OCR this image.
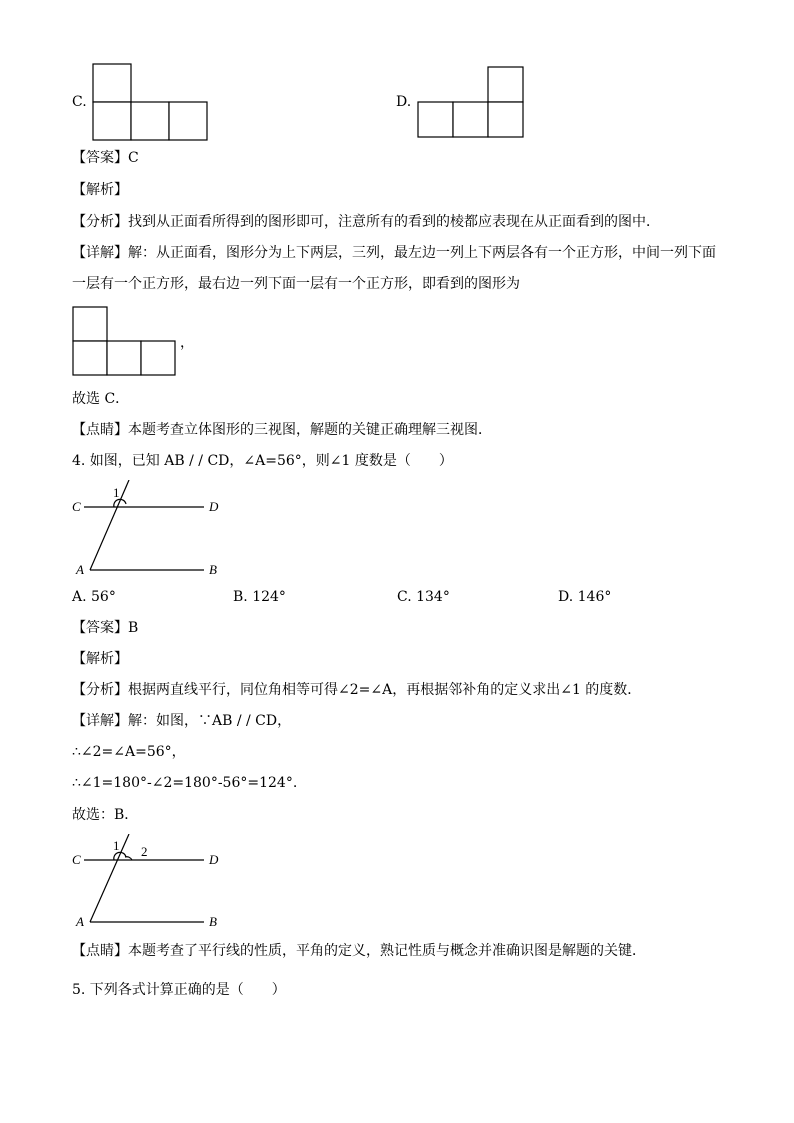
C.	D.
【答案】C
【解析】
【分析】找到从正面看所得到的图形即可，注意所有的看到的棱都应表现在从正面看到的图中．
【详解】解：从正面看，图形分为上下两层，三列，最左边一列上下两层各有一个正方形，中间一列下面
一层有一个正方形，最右边一列下面一层有一个正方形，即看到的图形为
，
故选 C．
【点睛】本题考查立体图形的三视图，解题的关键正确理解三视图．
4. 如图，已知 AB / / CD，∠A=56°，则∠1 度数是（　　）
C	D
A	B
1
A. 56°	B. 124°	C. 134°	D. 146°
【答案】B
【解析】
【分析】根据两直线平行，同位角相等可得∠2=∠A，再根据邻补角的定义求出∠1 的度数．
【详解】解：如图，∵AB / / CD，
∴∠2=∠A=56°，
∴∠1=180°-∠2=180°-56°=124°.
故选：B．
C	D
A	B
1 2
【点睛】本题考查了平行线的性质，平角的定义，熟记性质与概念并准确识图是解题的关键．
5. 下列各式计算正确的是（　　）
